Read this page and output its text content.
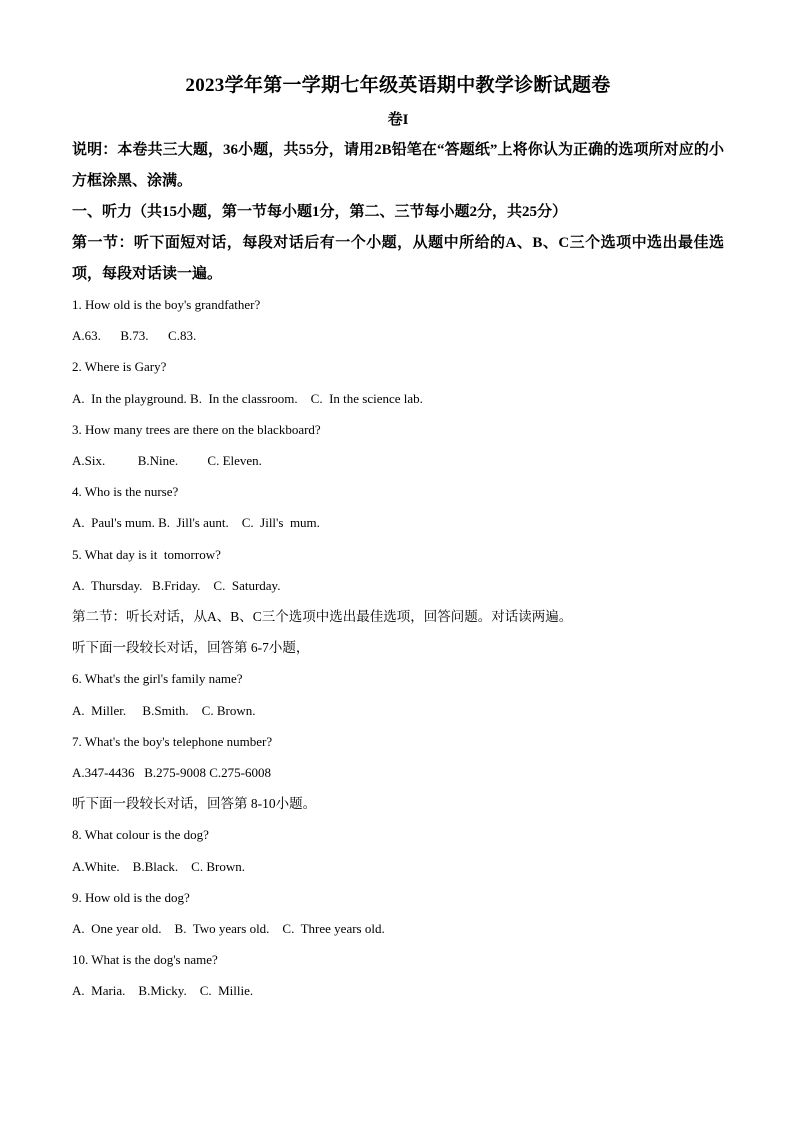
2023学年第一学期七年级英语期中教学诊断试题卷
卷I
说明：本卷共三大题，36小题，共55分，请用2B铅笔在“答题纸”上将你认为正确的选项所对应的小方框涂黑、涂满。
一、听力（共15小题，第一节每小题1分，第二、三节每小题2分，共25分）
第一节：听下面短对话，每段对话后有一个小题，从题中所给的A、B、C三个选项中选出最佳选项，每段对话读一遍。
1. How old is the boy's grandfather?
A.63.      B.73.      C.83.
2. Where is Gary?
A.  In the playground. B.  In the classroom.    C.  In the science lab.
3. How many trees are there on the blackboard?
A.Six.          B.Nine.         C. Eleven.
4. Who is the nurse?
A.  Paul's mum. B.  Jill's aunt.    C.  Jill's  mum.
5. What day is it  tomorrow?
A.  Thursday.   B.Friday.    C.  Saturday.
第二节：听长对话，从A、B、C三个选项中选出最佳选项，回答问题。对话读两遍。
听下面一段较长对话，回答第 6-7小题，
6. What's the girl's family name?
A.  Miller.     B.Smith.    C. Brown.
7. What's the boy's telephone number?
A.347-4436   B.275-9008 C.275-6008
听下面一段较长对话，回答第 8-10小题。
8. What colour is the dog?
A.White.    B.Black.    C. Brown.
9. How old is the dog?
A.  One year old.    B.  Two years old.    C.  Three years old.
10. What is the dog's name?
A.  Maria.    B.Micky.    C.  Millie.
